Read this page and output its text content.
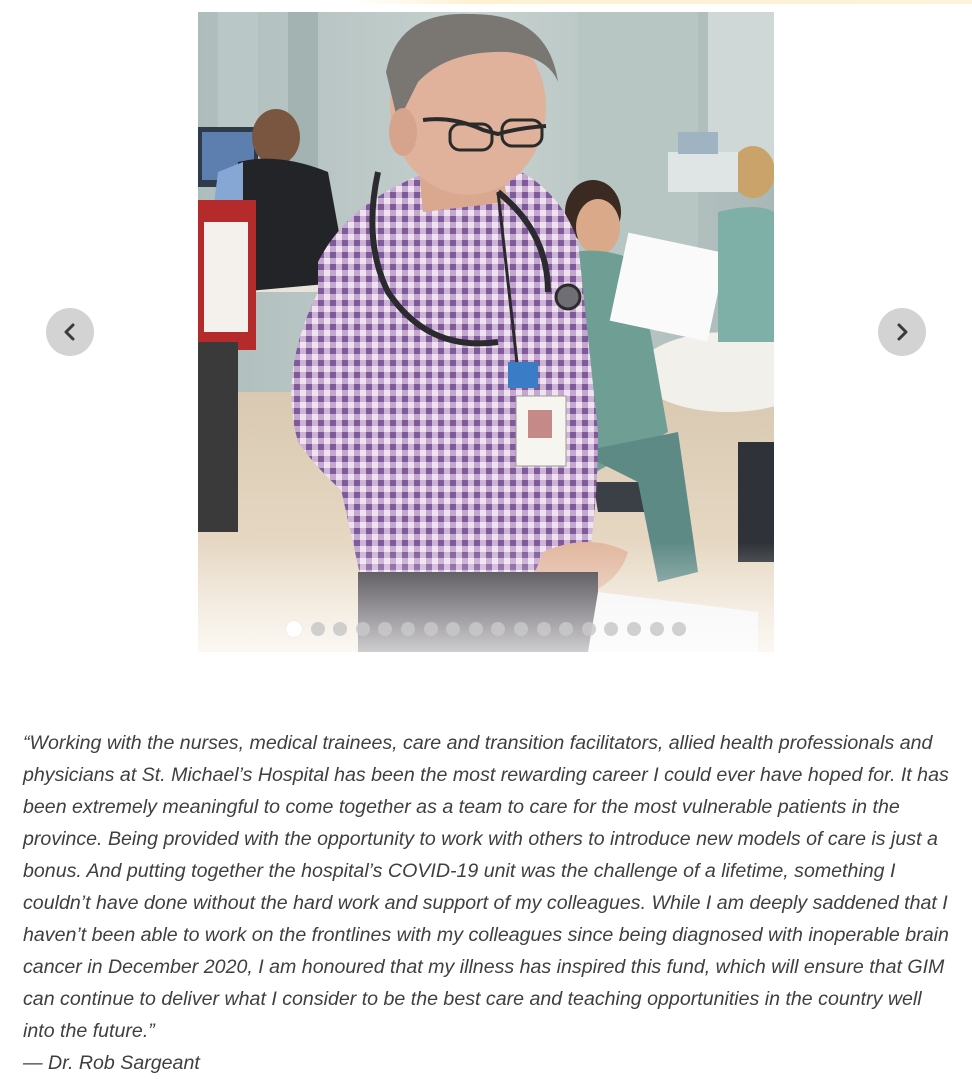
“Working with the nurses, medical trainees, care and transition facilitators, allied health professionals and physicians at St. Michael’s Hospital has been the most rewarding career I could ever have hoped for. It has been extremely meaningful to come together as a team to care for the most vulnerable patients in the province. Being provided with the opportunity to work with others to introduce new models of care is just a bonus. And putting together the hospital’s COVID-19 unit was the challenge of a lifetime, something I couldn’t have done without the hard work and support of my colleagues. While I am deeply saddened that I haven’t been able to work on the frontlines with my colleagues since being diagnosed with inoperable brain cancer in December 2020, I am honoured that my illness has inspired this fund, which will ensure that GIM can continue to deliver what I consider to be the best care and teaching opportunities in the country well into the future.”
— Dr. Rob Sargeant
